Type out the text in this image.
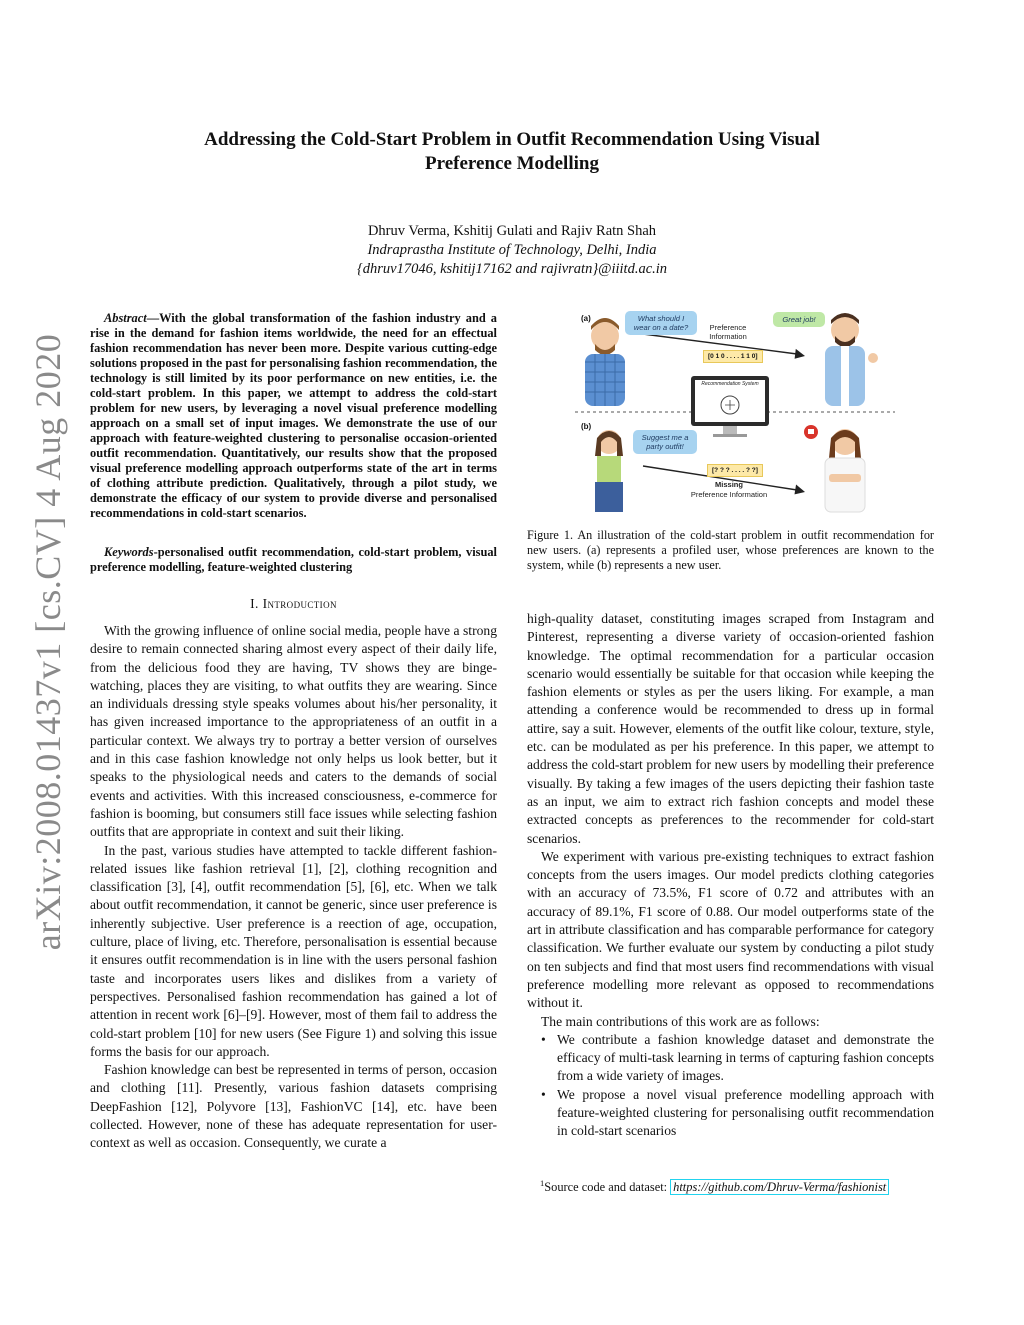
arXiv:2008.01437v1 [cs.CV] 4 Aug 2020
Addressing the Cold-Start Problem in Outfit Recommendation Using Visual Preference Modelling
Dhruv Verma, Kshitij Gulati and Rajiv Ratn Shah
Indraprastha Institute of Technology, Delhi, India
{dhruv17046, kshitij17162 and rajivratn}@iiitd.ac.in

Abstract—With the global transformation of the fashion industry and a rise in the demand for fashion items worldwide, the need for an effectual fashion recommendation has never been more. Despite various cutting-edge solutions proposed in the past for personalising fashion recommendation, the technology is still limited by its poor performance on new entities, i.e. the cold-start problem. In this paper, we attempt to address the cold-start problem for new users, by leveraging a novel visual preference modelling approach on a small set of input images. We demonstrate the use of our approach with feature-weighted clustering to personalise occasion-oriented outfit recommendation. Quantitatively, our results show that the proposed visual preference modelling approach outperforms state of the art in terms of clothing attribute prediction. Qualitatively, through a pilot study, we demonstrate the efficacy of our system to provide diverse and personalised recommendations in cold-start scenarios.

Keywords-personalised outfit recommendation, cold-start problem, visual preference modelling, feature-weighted clustering
I. Introduction

With the growing influence of online social media, people have a strong desire to remain connected sharing almost every aspect of their daily life, from the delicious food they are having, TV shows they are binge-watching, places they are visiting, to what outfits they are wearing. Since an individuals dressing style speaks volumes about his/her personality, it has given increased importance to the appropriateness of an outfit in a particular context. We always try to portray a better version of ourselves and in this case fashion knowledge not only helps us look better, but it speaks to the physiological needs and caters to the demands of social events and activities. With this increased consciousness, e-commerce for fashion is booming, but consumers still face issues while selecting fashion outfits that are appropriate in context and suit their liking.

In the past, various studies have attempted to tackle different fashion-related issues like fashion retrieval [1], [2], clothing recognition and classification [3], [4], outfit recommendation [5], [6], etc. When we talk about outfit recommendation, it cannot be generic, since user preference is inherently subjective. User preference is a reection of age, occupation, culture, place of living, etc. Therefore, personalisation is essential because it ensures outfit recommendation is in line with the users personal fashion taste and incorporates users likes and dislikes from a variety of perspectives. Personalised fashion recommendation has gained a lot of attention in recent work [6]–[9]. However, most of them fail to address the cold-start problem [10] for new users (See Figure 1) and solving this issue forms the basis for our approach.

Fashion knowledge can best be represented in terms of person, occasion and clothing [11]. Presently, various fashion datasets comprising DeepFashion [12], Polyvore [13], FashionVC [14], etc. have been collected. However, none of these has adequate representation for user-context as well as occasion. Consequently, we curate a

(a)
(b)
What should I wear on a date?
Great job!
Preference Information
[0 1 0 . . . . 1 1 0]
Recommendation System
Suggest me a party outfit!
[? ? ? . . . . ? ?]
Missing
Preference Information
Figure 1. An illustration of the cold-start problem in outfit recommendation for new users. (a) represents a profiled user, whose preferences are known to the system, while (b) represents a new user.

high-quality dataset, constituting images scraped from Instagram and Pinterest, representing a diverse variety of occasion-oriented fashion knowledge. The optimal recommendation for a particular occasion scenario would essentially be suitable for that occasion while keeping the fashion elements or styles as per the users liking. For example, a man attending a conference would be recommended to dress up in formal attire, say a suit. However, elements of the outfit like colour, texture, style, etc. can be modulated as per his preference. In this paper, we attempt to address the cold-start problem for new users by modelling their preference visually. By taking a few images of the users depicting their fashion taste as an input, we aim to extract rich fashion concepts and model these extracted concepts as preferences to the recommender for cold-start scenarios.

We experiment with various pre-existing techniques to extract fashion concepts from the users images. Our model predicts clothing categories with an accuracy of 73.5%, F1 score of 0.72 and attributes with an accuracy of 89.1%, F1 score of 0.88. Our model outperforms state of the art in attribute classification and has comparable performance for category classification. We further evaluate our system by conducting a pilot study on ten subjects and find that most users find recommendations with visual preference modelling more relevant as opposed to recommendations without it.

The main contributions of this work are as follows:

• We contribute a fashion knowledge dataset and demonstrate the efficacy of multi-task learning in terms of capturing fashion concepts from a wide variety of images.
• We propose a novel visual preference modelling approach with feature-weighted clustering for personalising outfit recommendation in cold-start scenarios
$^1$Source code and dataset: https://github.com/Dhruv-Verma/fashionist
